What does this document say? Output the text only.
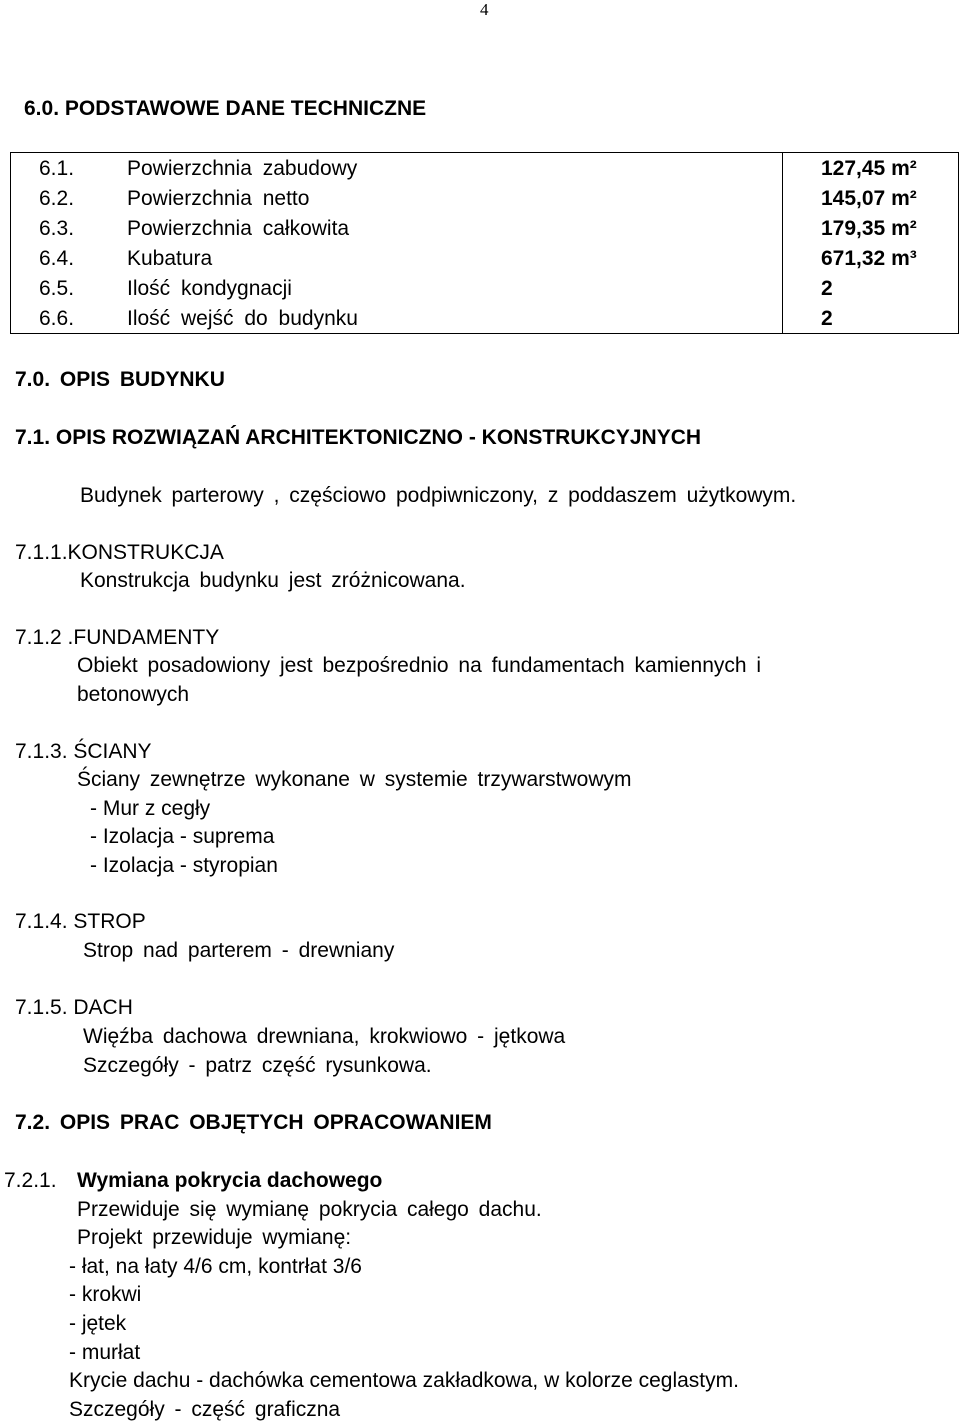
4
6.0. PODSTAWOWE DANE TECHNICZNE
6.1.	Powierzchnia zabudowy	127,45 m²
6.2.	Powierzchnia netto	145,07 m²
6.3.	Powierzchnia całkowita	179,35 m²
6.4.	Kubatura	671,32 m³
6.5.	Ilość kondygnacji	2
6.6.	Ilość wejść do budynku	2
7.0. OPIS BUDYNKU
7.1. OPIS ROZWIĄZAŃ ARCHITEKTONICZNO - KONSTRUKCYJNYCH
Budynek parterowy , częściowo podpiwniczony, z poddaszem użytkowym.
7.1.1.KONSTRUKCJA
Konstrukcja budynku jest zróżnicowana.
7.1.2 .FUNDAMENTY
Obiekt posadowiony jest bezpośrednio na fundamentach kamiennych i
betonowych
7.1.3. ŚCIANY
Ściany zewnętrze wykonane w systemie trzywarstwowym
- Mur z cegły
- Izolacja - suprema
- Izolacja - styropian
7.1.4. STROP
Strop nad parterem - drewniany
7.1.5. DACH
Więźba dachowa drewniana, krokwiowo - jętkowa
Szczegóły - patrz część rysunkowa.
7.2. OPIS PRAC OBJĘTYCH OPRACOWANIEM
7.2.1. Wymiana pokrycia dachowego
Przewiduje się wymianę pokrycia całego dachu.
Projekt przewiduje wymianę:
- łat, na łaty 4/6 cm, kontrłat 3/6
- krokwi
- jętek
- murłat
Krycie dachu - dachówka cementowa zakładkowa, w kolorze ceglastym.
Szczegóły - część graficzna
